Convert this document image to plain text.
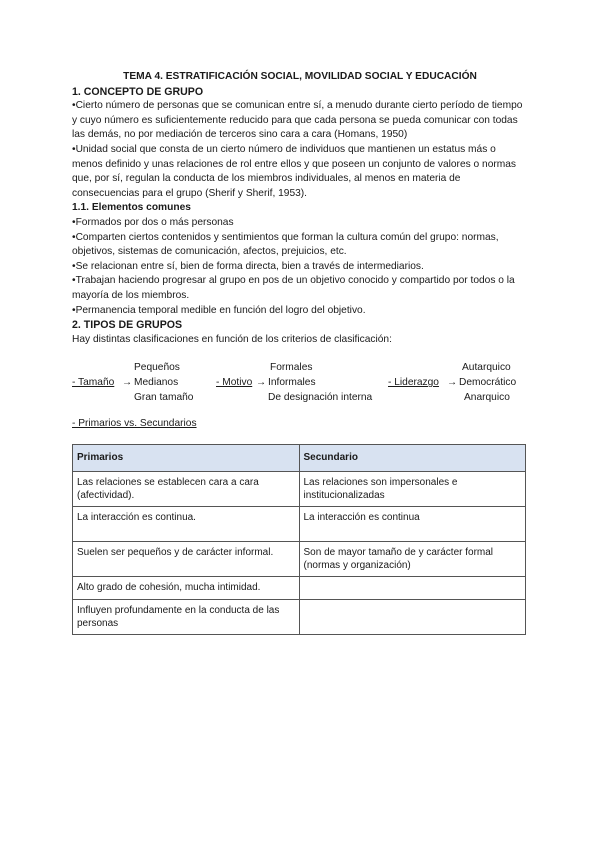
TEMA 4. ESTRATIFICACIÓN SOCIAL, MOVILIDAD SOCIAL Y EDUCACIÓN

1. CONCEPTO DE GRUPO

• Cierto número de personas que se comunican entre sí, a menudo durante cierto período de tiempo y cuyo número es suficientemente reducido para que cada persona se pueda comunicar con todas las demás, no por mediación de terceros sino cara a cara (Homans, 1950)

• Unidad social que consta de un cierto número de individuos que mantienen un estatus más o menos definido y unas relaciones de rol entre ellos y que poseen un conjunto de valores o normas que, por sí, regulan la conducta de los miembros individuales, al menos en materia de consecuencias para el grupo (Sherif y Sherif, 1953).

1.1. Elementos comunes

• Formados por dos o más personas

• Comparten ciertos contenidos y sentimientos que forman la cultura común del grupo: normas, objetivos, sistemas de comunicación, afectos, prejuicios, etc.

• Se relacionan entre sí, bien de forma directa, bien a través de intermediarios.

• Trabajan haciendo progresar al grupo en pos de un objetivo conocido y compartido por todos o la mayoría de los miembros.

• Permanencia temporal medible en función del logro del objetivo.

2. TIPOS DE GRUPOS

Hay distintas clasificaciones en función de los criterios de clasificación:

Pequeños
- Tamaño → Medianos
Gran tamaño
Formales
- Motivo → Informales
De designación interna
Autarquico
- Liderazgo → Democrático
Anarquico

- Primarios vs. Secundarios

Primarios	Secundario
Las relaciones se establecen cara a cara (afectividad).	Las relaciones son impersonales e institucionalizadas
La interacción es continua.	La interacción es continua
Suelen ser pequeños y de carácter informal.	Son de mayor tamaño de y carácter formal (normas y organización)
Alto grado de cohesión, mucha intimidad.	
Influyen profundamente en la conducta de las personas	
